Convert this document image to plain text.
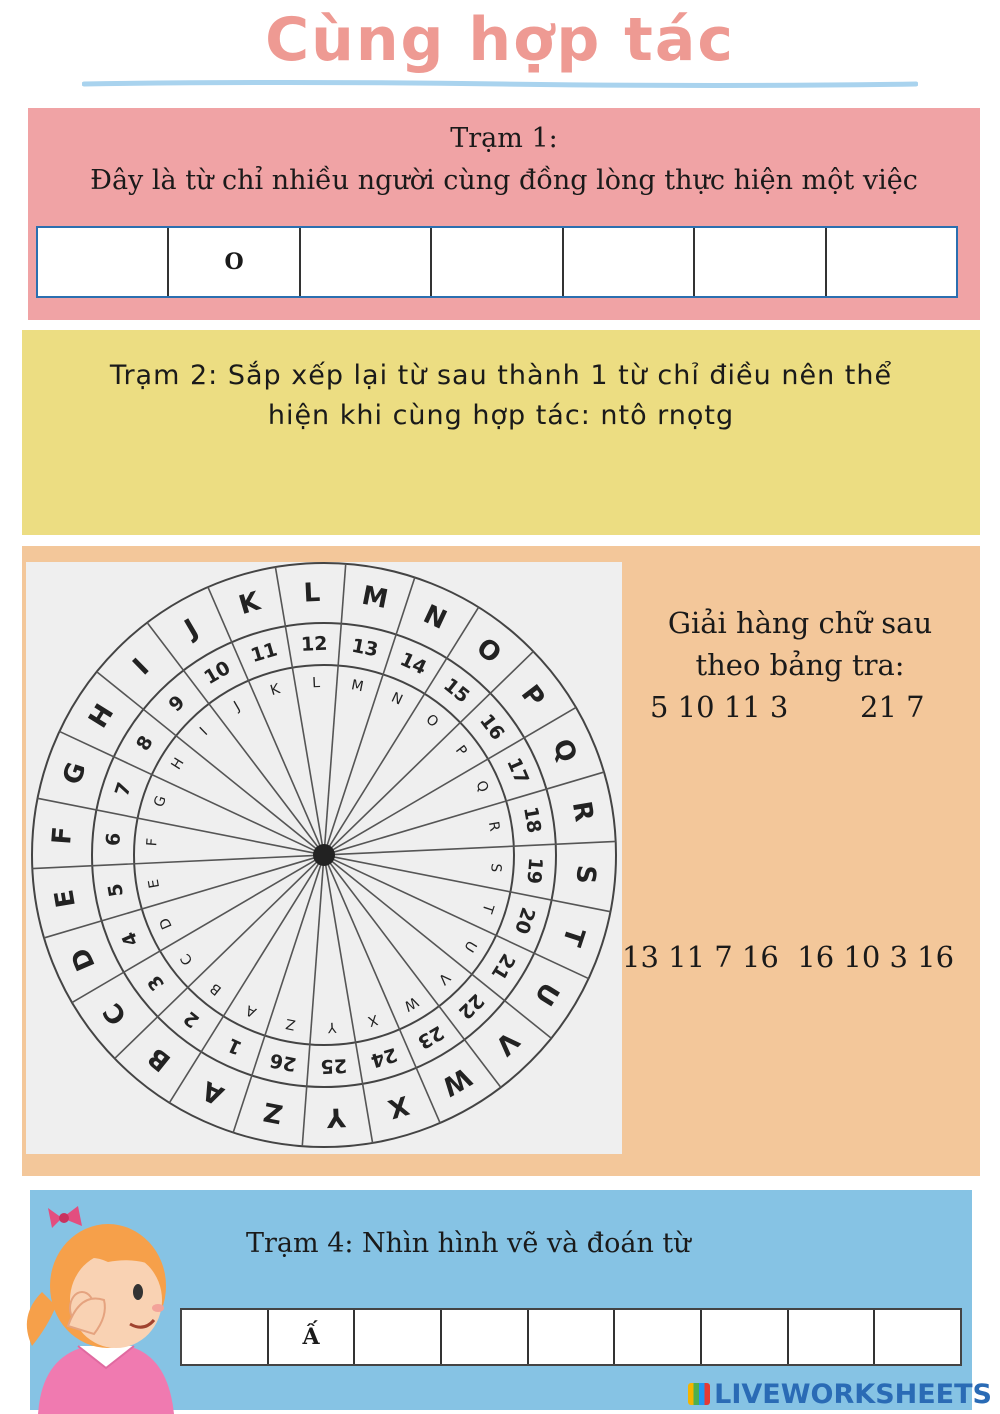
Cùng hợp tác
Trạm 1:
Đây là từ chỉ nhiều người cùng đồng lòng thực hiện một việc
O
Trạm 2: Sắp xếp lại từ sau thành 1 từ chỉ điều nên thể
hiện khi cùng hợp tác: ntô rnọtg
A
B
C
D
E
F
G
H
I
J
K L M
N
O
P
Q
R
S
T
U
V
W
X
Y
Z
1
2
3
4
5
6
7
8
9
10
11 12 13
14
15
16
17
18
19
20
21
22
23
24
25
26
A
B
C
D
E
F
G
H
I
J
K L M
N
O
P
Q
R
S
T
U
V
W
X
Y
Z
Giải hàng chữ sau
theo bảng tra:
5 10 11 3 21 7
13 11 7 16  16 10 3 16
Trạm 4: Nhìn hình vẽ và đoán từ
Ấ
LIVEWORKSHEETS
